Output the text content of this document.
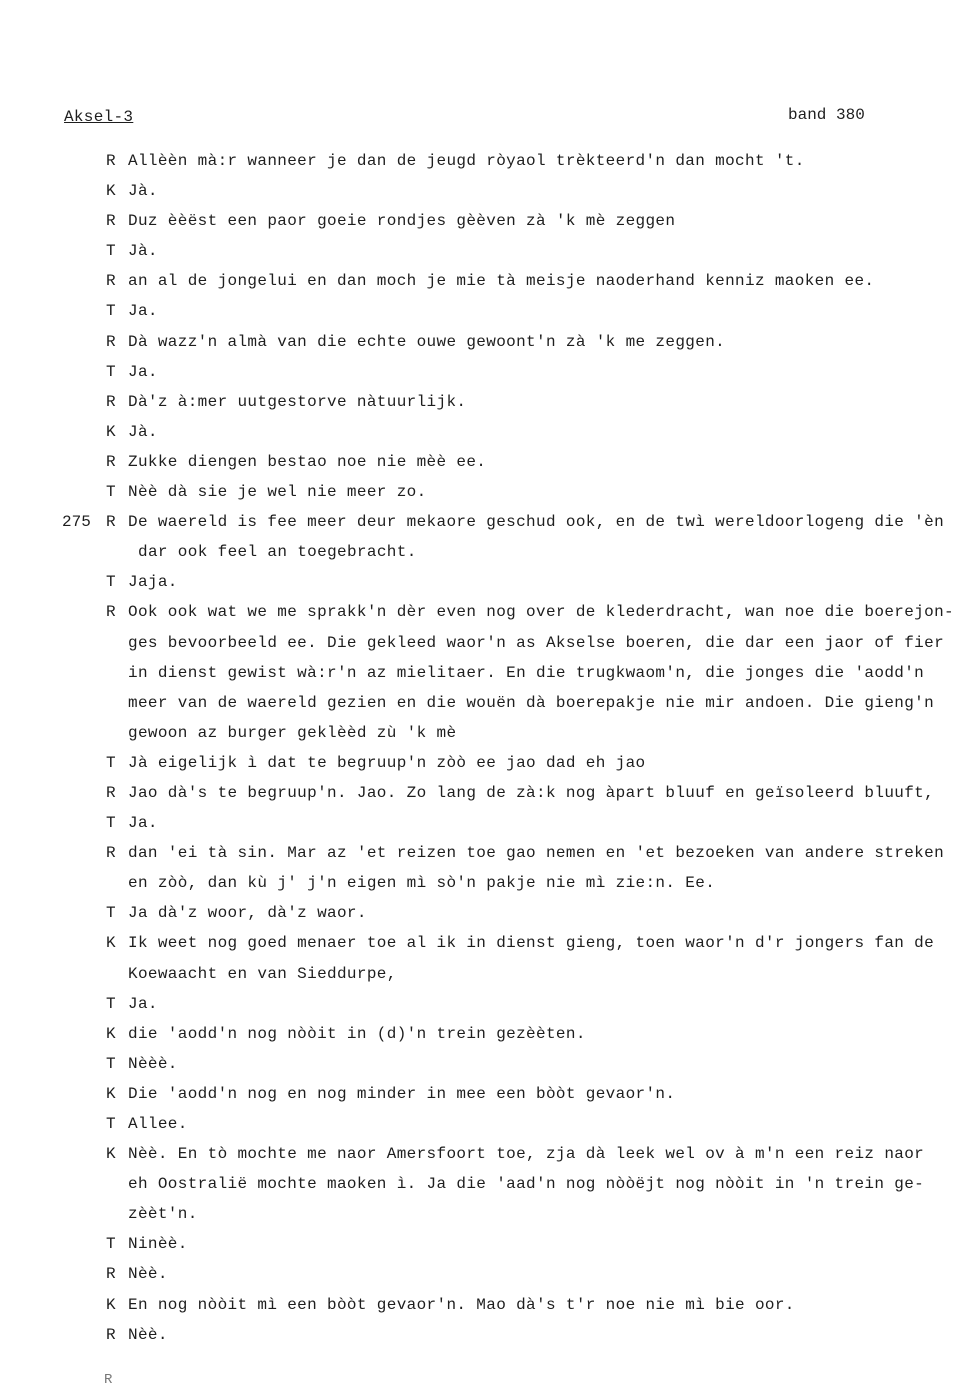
Aksel-3	band 380
R Allèèn mà:r wanneer je dan de jeugd ròyaol trèkteerd'n dan mocht 't.
K Jà.
R Duz èèëst een paor goeie rondjes gèèven zà 'k mè zeggen
T Jà.
R an al de jongelui en dan moch je mie tà meisje naoderhand kenniz maoken ee.
T Ja.
R Dà wazz'n almà van die echte ouwe gewoont'n zà 'k me zeggen.
T Ja.
R Dà'z à:mer uutgestorve nàtuurlijk.
K Jà.
R Zukke diengen bestao noe nie mèè ee.
T Nèè dà sie je wel nie meer zo.
275 R De waereld is fee meer deur mekaore geschud ook, en de twì wereldoorlogeng die 'èn
dar ook feel an toegebracht.
T Jaja.
R Ook ook wat we me sprakk'n dèr even nog over de klederdracht, wan noe die boerejon-
ges bevoorbeeld ee. Die gekleed waor'n as Akselse boeren, die dar een jaor of fier
in dienst gewist wà:r'n az mielitaer. En die trugkwaom'n, die jonges die 'aodd'n
meer van de waereld gezien en die wouën dà boerepakje nie mir andoen. Die gieng'n
gewoon az burger geklèèd zù 'k mè
T Jà eigelijk ì dat te begruup'n zòò ee jao dad eh jao
R Jao dà's te begruup'n. Jao. Zo lang de zà:k nog àpart bluuf en geïsoleerd bluuft,
T Ja.
R dan 'ei tà sin. Mar az 'et reizen toe gao nemen en 'et bezoeken van andere streken
en zòò, dan kù j' j'n eigen mì sò'n pakje nie mì zie:n. Ee.
T Ja dà'z woor, dà'z waor.
K Ik weet nog goed menaer toe al ik in dienst gieng, toen waor'n d'r jongers fan de
Koewaacht en van Sieddurpe,
T Ja.
K die 'aodd'n nog nòòit in (d)'n trein gezèèten.
T Nèèè.
K Die 'aodd'n nog en nog minder in mee een bòòt gevaor'n.
T Allee.
K Nèè. En tò mochte me naor Amersfoort toe, zja dà leek wel ov à m'n een reiz naor
eh Oostralië mochte maoken ì. Ja die 'aad'n nog nòòëjt nog nòòit in 'n trein ge-
zèèt'n.
T Ninèè.
R Nèè.
K En nog nòòit mì een bòòt gevaor'n. Mao dà's t'r noe nie mì bie oor.
R Nèè.
R
